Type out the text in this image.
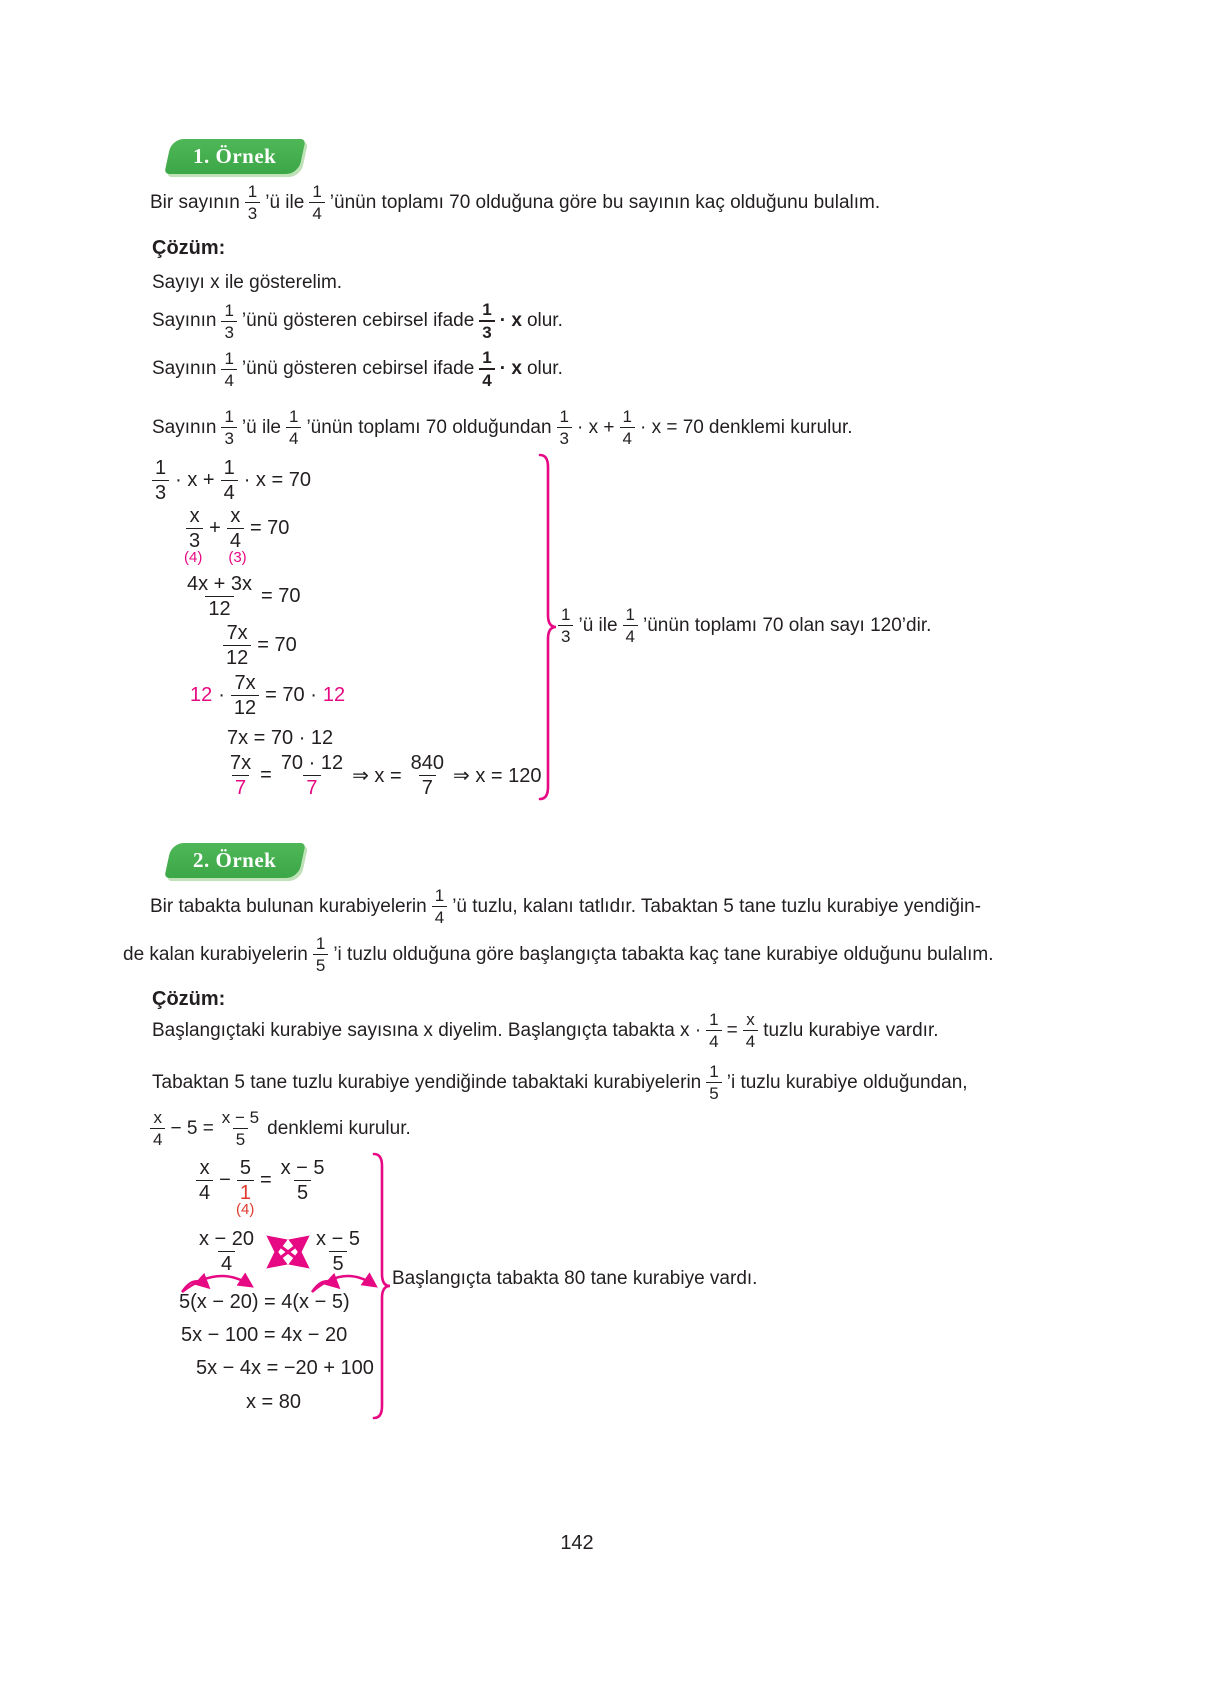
1. Örnek
Bir sayının $\frac{1}{3}$ ’ü ile $\frac{1}{4}$ ’ünün toplamı 70 olduğuna göre bu sayının kaç olduğunu bulalım.
Çözüm:
Sayıyı x ile gösterelim.
Sayının $\frac{1}{3}$ ’ünü gösteren cebirsel ifade $\frac{1}{3} \cdot x$ olur.
Sayının $\frac{1}{4}$ ’ünü gösteren cebirsel ifade $\frac{1}{4} \cdot x$ olur.
Sayının $\frac{1}{3}$ ’ü ile $\frac{1}{4}$ ’ünün toplamı 70 olduğundan $\frac{1}{3} \cdot x + \frac{1}{4} \cdot x = 70$ denklemi kurulur.
$\frac{1}{3} \cdot x + \frac{1}{4} \cdot x = 70$
$\frac{x}{3} + \frac{x}{4} = 70$
(4) (3)
$\frac{4x + 3x}{12} = 70$
$\frac{7x}{12} = 70$
$12 \cdot \frac{7x}{12} = 70 \cdot 12$
7x = 70 · 12
$\frac{7x}{7} = \frac{70 \cdot 12}{7}$ ⇒ $x = \frac{840}{7}$ ⇒ x = 120
$\frac{1}{3}$ ’ü ile $\frac{1}{4}$ ’ünün toplamı 70 olan sayı 120’dir.
2. Örnek
Bir tabakta bulunan kurabiyelerin $\frac{1}{4}$ ’ü tuzlu, kalanı tatlıdır. Tabaktan 5 tane tuzlu kurabiye yendiğin-
de kalan kurabiyelerin $\frac{1}{5}$ ’i tuzlu olduğuna göre başlangıçta tabakta kaç tane kurabiye olduğunu bulalım.
Çözüm:
Başlangıçtaki kurabiye sayısına x diyelim. Başlangıçta tabakta $x \cdot \frac{1}{4} = \frac{x}{4}$ tuzlu kurabiye vardır.
Tabaktan 5 tane tuzlu kurabiye yendiğinde tabaktaki kurabiyelerin $\frac{1}{5}$ ’i tuzlu kurabiye olduğundan,
$\frac{x}{4} - 5 = \frac{x - 5}{5}$ denklemi kurulur.
$\frac{x}{4} - \frac{5}{1} = \frac{x - 5}{5}$
(4)
$\frac{x - 20}{4}$	$\frac{x - 5}{5}$
5(x − 20) = 4(x − 5)
5x − 100 = 4x − 20
5x − 4x = −20 + 100
x = 80
Başlangıçta tabakta 80 tane kurabiye vardı.
142
